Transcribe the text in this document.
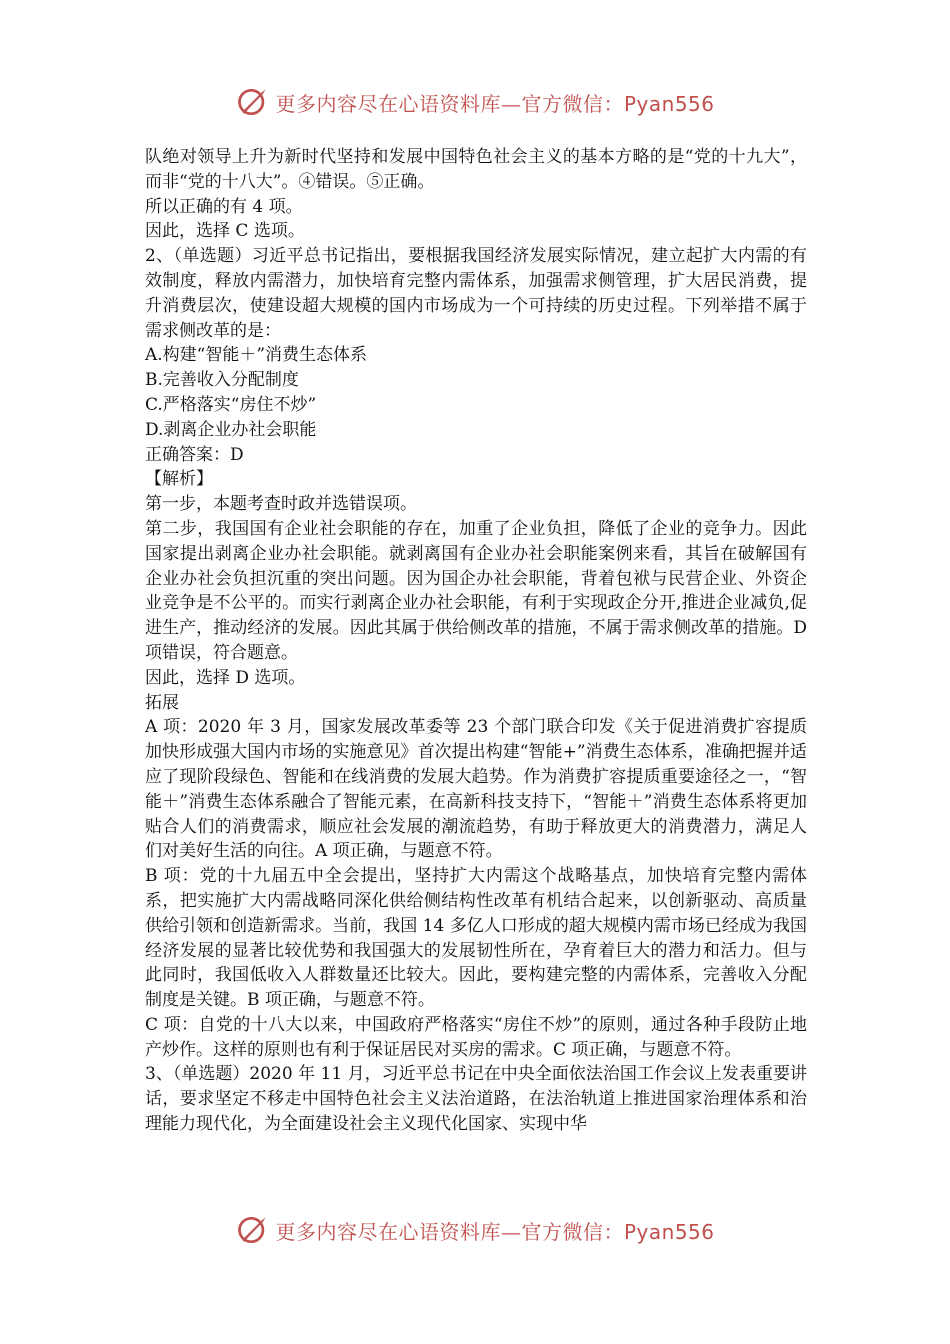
更多内容尽在心语资料库—官方微信：Pyan556

队绝对领导上升为新时代坚持和发展中国特色社会主义的基本方略的是“党的十九大”，而非“党的十八大”。④错误。⑤正确。

所以正确的有 4 项。

因此，选择 C 选项。

2、（单选题）习近平总书记指出，要根据我国经济发展实际情况，建立起扩大内需的有效制度，释放内需潜力，加快培育完整内需体系，加强需求侧管理，扩大居民消费，提升消费层次，使建设超大规模的国内市场成为一个可持续的历史过程。下列举措不属于需求侧改革的是：

A.构建“智能＋”消费生态体系

B.完善收入分配制度

C.严格落实“房住不炒”

D.剥离企业办社会职能

正确答案：D

【解析】

第一步，本题考查时政并选错误项。

第二步，我国国有企业社会职能的存在，加重了企业负担，降低了企业的竞争力。因此国家提出剥离企业办社会职能。就剥离国有企业办社会职能案例来看，其旨在破解国有企业办社会负担沉重的突出问题。因为国企办社会职能，背着包袱与民营企业、外资企业竞争是不公平的。而实行剥离企业办社会职能，有利于实现政企分开,推进企业减负,促进生产，推动经济的发展。因此其属于供给侧改革的措施，不属于需求侧改革的措施。D 项错误，符合题意。

因此，选择 D 选项。

拓展

A 项：2020 年 3 月，国家发展改革委等 23 个部门联合印发《关于促进消费扩容提质加快形成强大国内市场的实施意见》首次提出构建“智能+”消费生态体系，准确把握并适应了现阶段绿色、智能和在线消费的发展大趋势。作为消费扩容提质重要途径之一，“智能＋”消费生态体系融合了智能元素，在高新科技支持下，“智能＋”消费生态体系将更加贴合人们的消费需求，顺应社会发展的潮流趋势，有助于释放更大的消费潜力，满足人们对美好生活的向往。A 项正确，与题意不符。

B 项：党的十九届五中全会提出，坚持扩大内需这个战略基点，加快培育完整内需体系，把实施扩大内需战略同深化供给侧结构性改革有机结合起来，以创新驱动、高质量供给引领和创造新需求。当前，我国 14 多亿人口形成的超大规模内需市场已经成为我国经济发展的显著比较优势和我国强大的发展韧性所在，孕育着巨大的潜力和活力。但与此同时，我国低收入人群数量还比较大。因此，要构建完整的内需体系，完善收入分配制度是关键。B 项正确，与题意不符。

C 项：自党的十八大以来，中国政府严格落实“房住不炒”的原则，通过各种手段防止地产炒作。这样的原则也有利于保证居民对买房的需求。C 项正确，与题意不符。

3、（单选题）2020 年 11 月，习近平总书记在中央全面依法治国工作会议上发表重要讲话，要求坚定不移走中国特色社会主义法治道路，在法治轨道上推进国家治理体系和治理能力现代化，为全面建设社会主义现代化国家、实现中华

更多内容尽在心语资料库—官方微信：Pyan556
